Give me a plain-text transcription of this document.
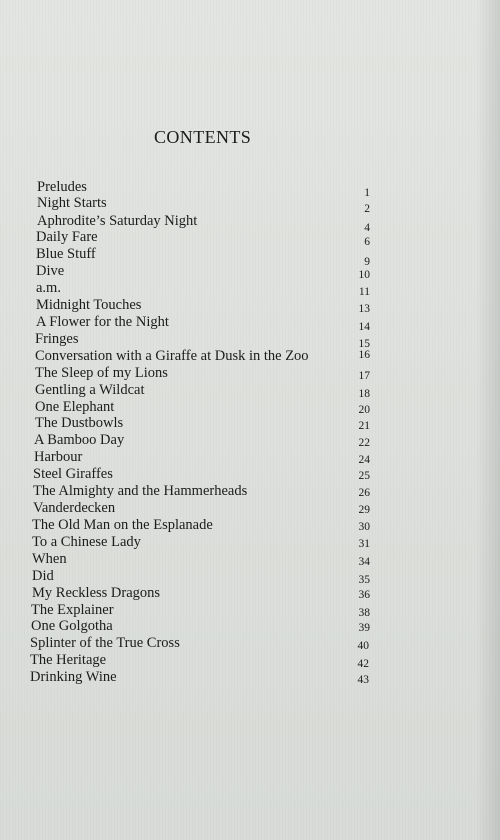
CONTENTS
Preludes	1
Night Starts	2
Aphrodite’s Saturday Night	4
Daily Fare	6
Blue Stuff	9
Dive	10
a.m.	11
Midnight Touches	13
A Flower for the Night	14
Fringes	15
Conversation with a Giraffe at Dusk in the Zoo	16
The Sleep of my Lions	17
Gentling a Wildcat	18
One Elephant	20
The Dustbowls	21
A Bamboo Day	22
Harbour	24
Steel Giraffes	25
The Almighty and the Hammerheads	26
Vanderdecken	29
The Old Man on the Esplanade	30
To a Chinese Lady	31
When	34
Did	35
My Reckless Dragons	36
The Explainer	38
One Golgotha	39
Splinter of the True Cross	40
The Heritage	42
Drinking Wine	43
